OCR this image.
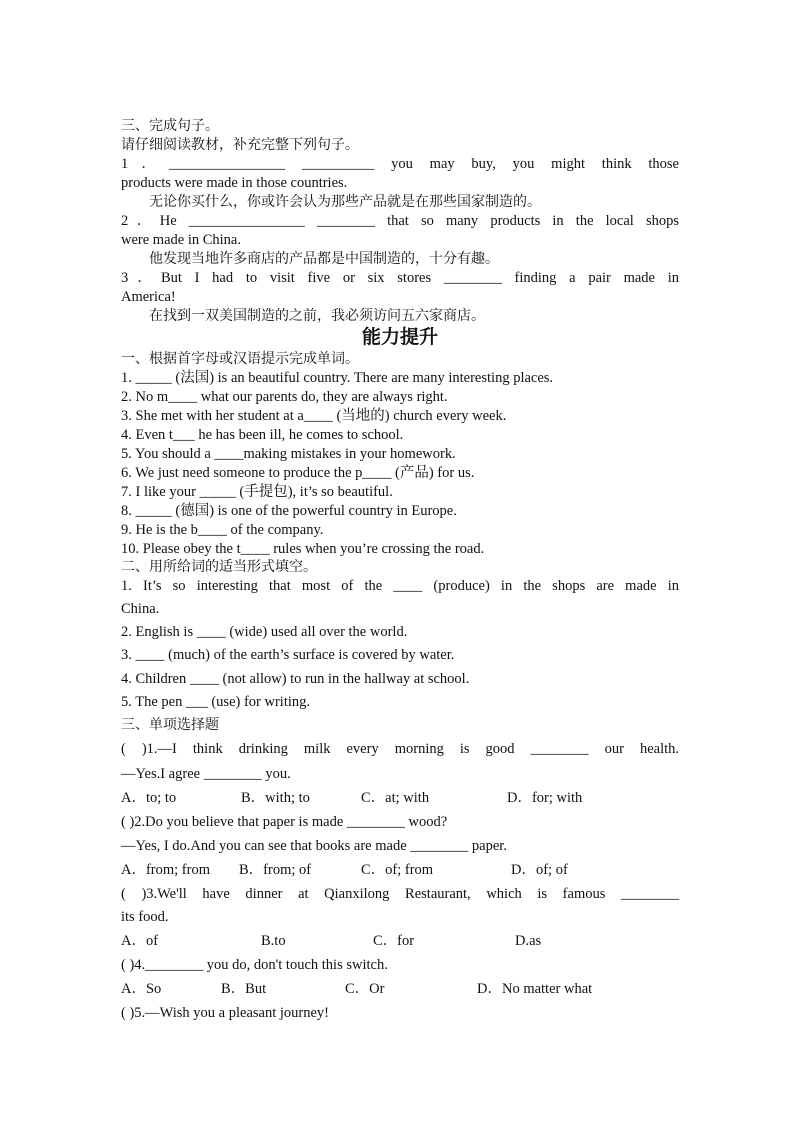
三、完成句子。
请仔细阅读教材，补充完整下列句子。
1．________________ __________ you may buy, you might think those
products were made in those countries.
无论你买什么，你或许会认为那些产品就是在那些国家制造的。
2．He ________________ ________ that so many products in the local shops
were made in China.
他发现当地许多商店的产品都是中国制造的，十分有趣。
3．But I had to visit five or six stores ________ finding a pair made in
America!
在找到一双美国制造的之前，我必须访问五六家商店。
能力提升
一、根据首字母或汉语提示完成单词。
1. _____ (法国) is an beautiful country. There are many interesting places.
2. No m____ what our parents do, they are always right.
3. She met with her student at a____ (当地的) church every week.
4. Even t___ he has been ill, he comes to school.
5. You should a ____making mistakes in your homework.
6. We just need someone to produce the p____ (产品) for us.
7. I like your _____ (手提包), it’s so beautiful.
8. _____ (德国) is one of the powerful country in Europe.
9. He is the b____ of the company.
10. Please obey the t____ rules when you’re crossing the road.
二、用所给词的适当形式填空。
1. It’s so interesting that most of the ____ (produce) in the shops are made in
China.
2. English is ____ (wide) used all over the world.
3. ____ (much) of the earth’s surface is covered by water.
4. Children ____ (not allow) to run in the hallway at school.
5. The pen ___ (use) for writing.
三、单项选择题
( )1.—I think drinking milk every morning is good ________ our health.
—Yes.I agree ________ you.
A．to; to	B．with; to	C．at; with	D．for; with
( )2.Do you believe that paper is made ________ wood?
—Yes, I do.And you can see that books are made ________ paper.
A．from; from B．from; of	C．of; from	D．of; of
( )3.We'll have dinner at Qianxilong Restaurant, which is famous ________
its food.
A．of	B.to	C．for	D.as
( )4.________ you do, don't touch this switch.
A．So	B．But	C．Or	D．No matter what
( )5.—Wish you a pleasant journey!
